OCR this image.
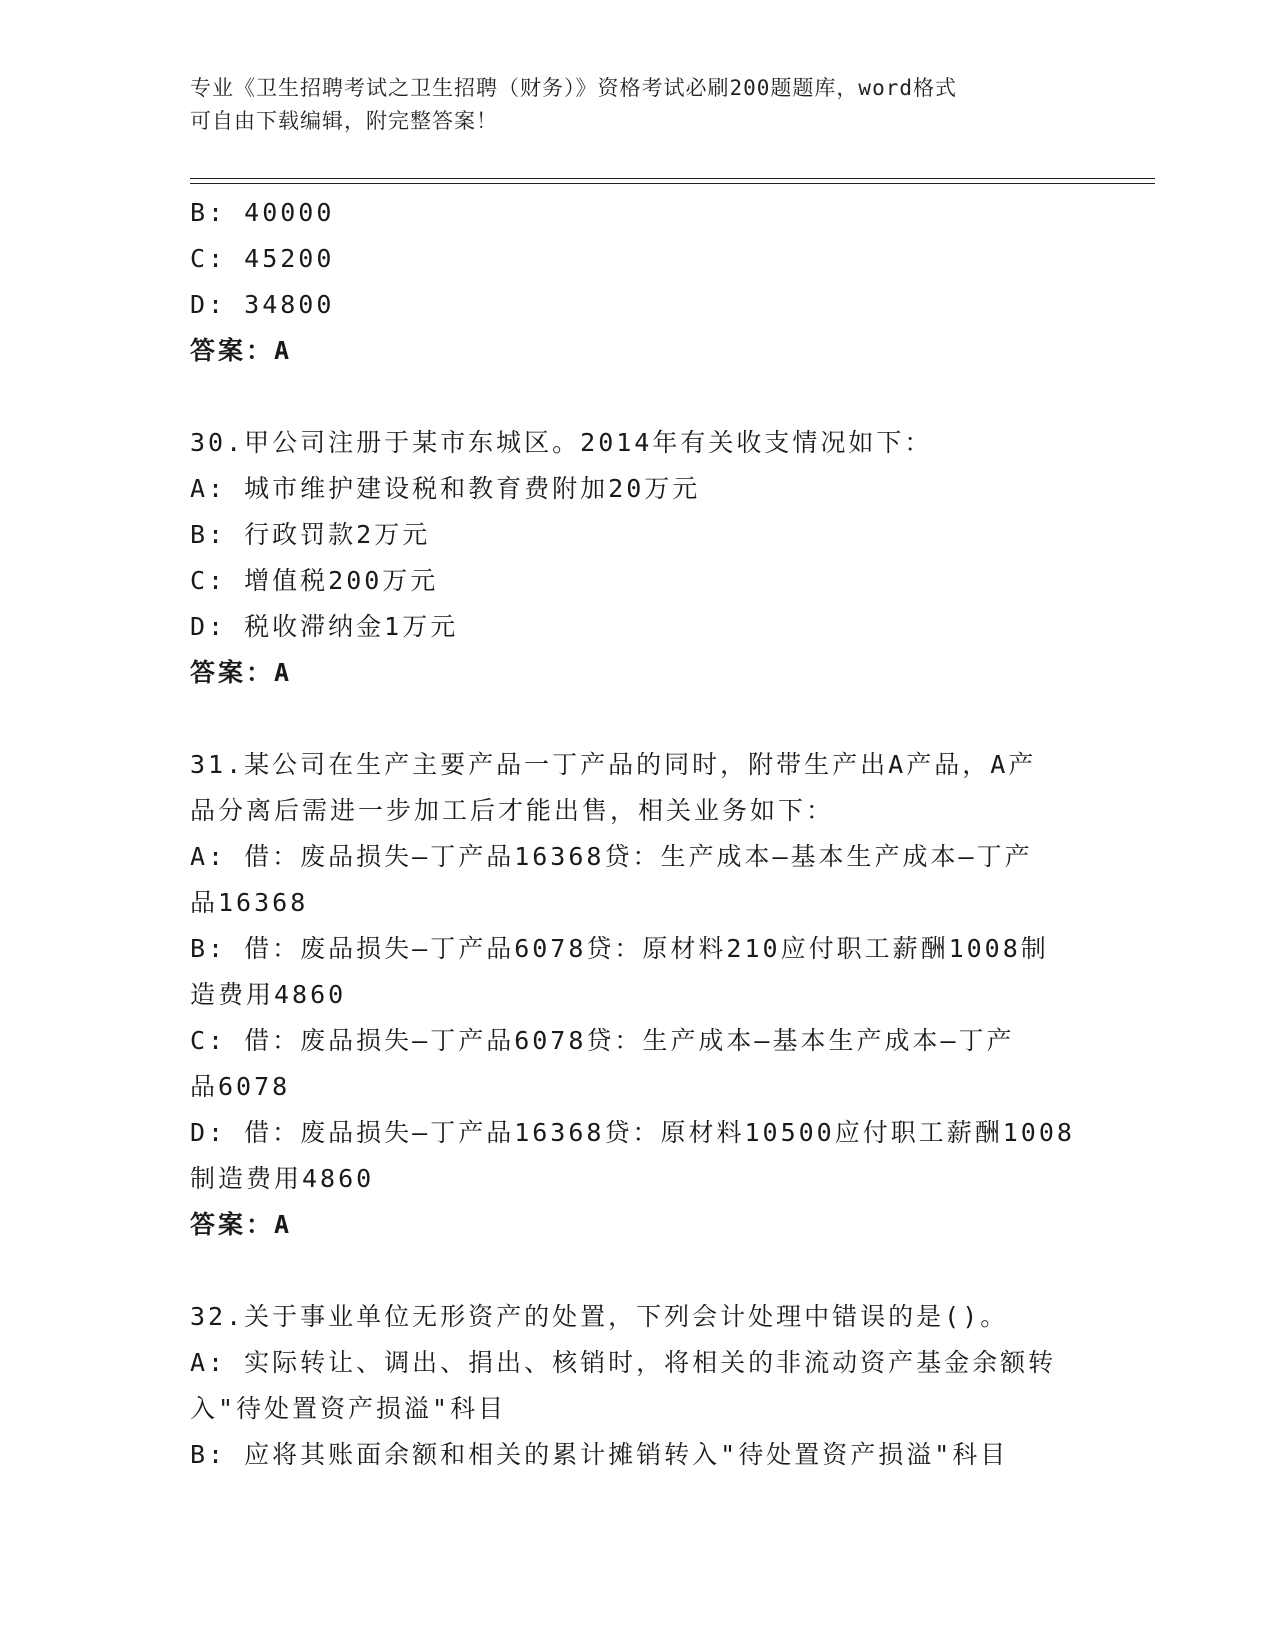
专业《卫生招聘考试之卫生招聘（财务）》资格考试必刷200题题库，word格式
可自由下载编辑，附完整答案！
B: 40000
C: 45200
D: 34800
答案：A
30.甲公司注册于某市东城区。2014年有关收支情况如下：
A: 城市维护建设税和教育费附加20万元
B: 行政罚款2万元
C: 增值税200万元
D: 税收滞纳金1万元
答案：A
31.某公司在生产主要产品一丁产品的同时，附带生产出A产品，A产
品分离后需进一步加工后才能出售，相关业务如下：
A: 借：废品损失—丁产品16368贷：生产成本—基本生产成本—丁产
品16368
B: 借：废品损失—丁产品6078贷：原材料210应付职工薪酬1008制
造费用4860
C: 借：废品损失—丁产品6078贷：生产成本—基本生产成本—丁产
品6078
D: 借：废品损失—丁产品16368贷：原材料10500应付职工薪酬1008
制造费用4860
答案：A
32.关于事业单位无形资产的处置，下列会计处理中错误的是()。
A: 实际转让、调出、捐出、核销时，将相关的非流动资产基金余额转
入"待处置资产损溢"科目
B: 应将其账面余额和相关的累计摊销转入"待处置资产损溢"科目
